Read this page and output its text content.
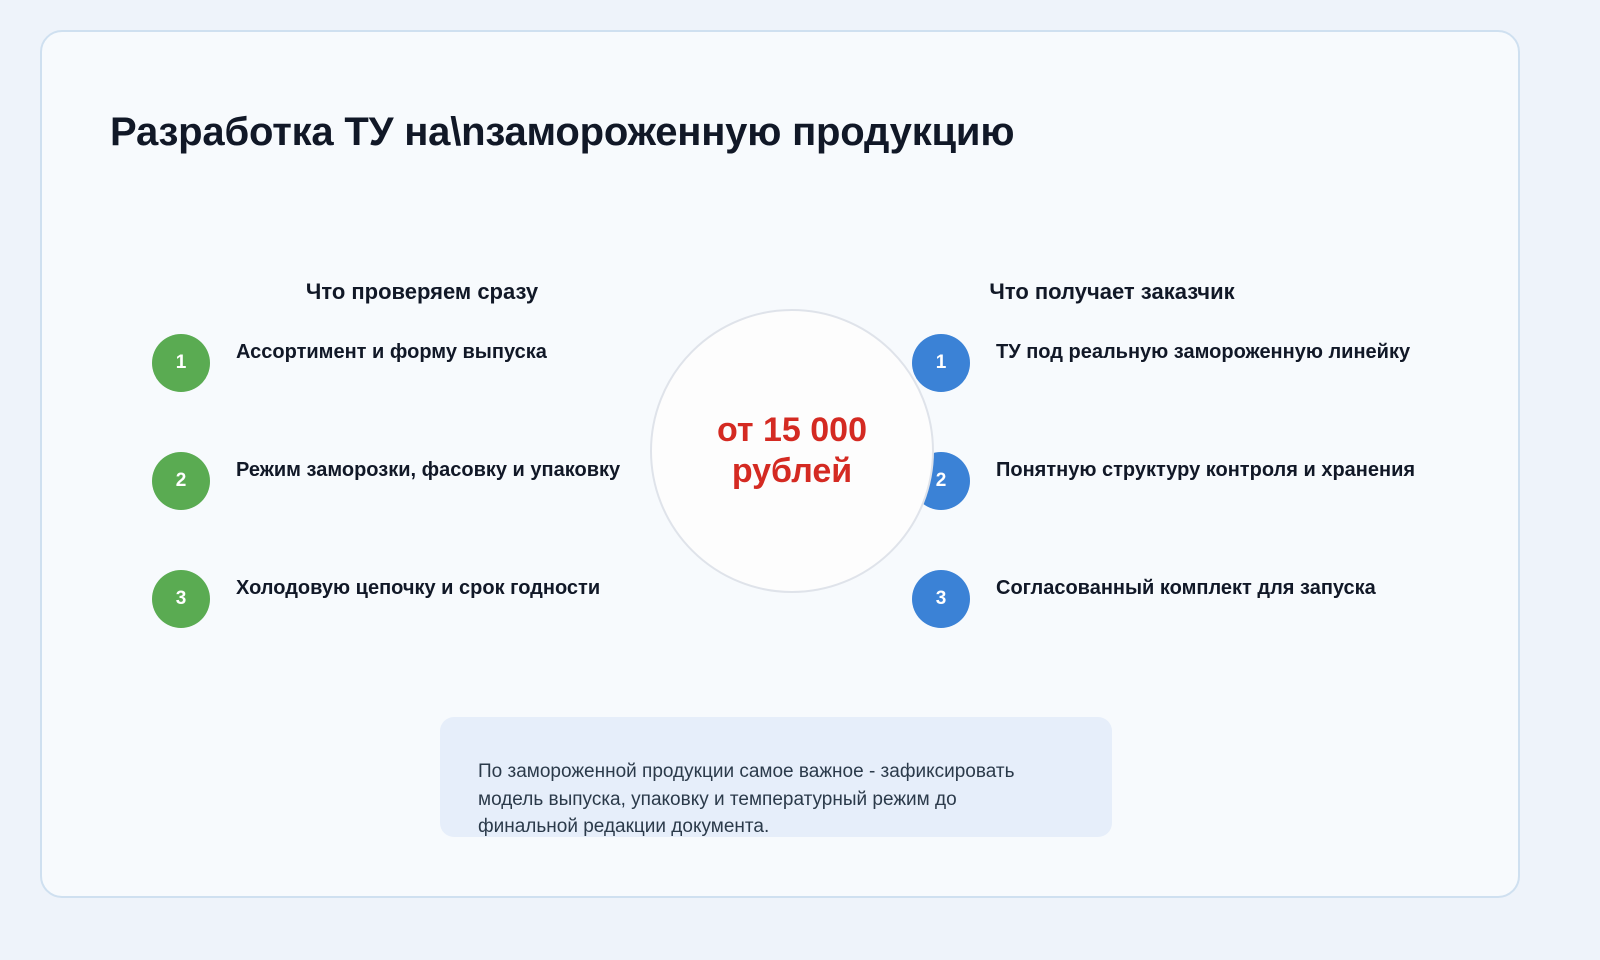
Разработка ТУ на\nзамороженную продукцию
Что проверяем сразу	Что получает заказчик
1	Ассортимент и форму выпуска
2	Режим заморозки, фасовку и упаковку
3	Холодовую цепочку и срок годности
1	ТУ под реальную замороженную линейку
2	Понятную структуру контроля и хранения
3	Согласованный комплект для запуска
от 15 000 рублей
По замороженной продукции самое важное - зафиксировать модель выпуска, упаковку и температурный режим до финальной редакции документа.
